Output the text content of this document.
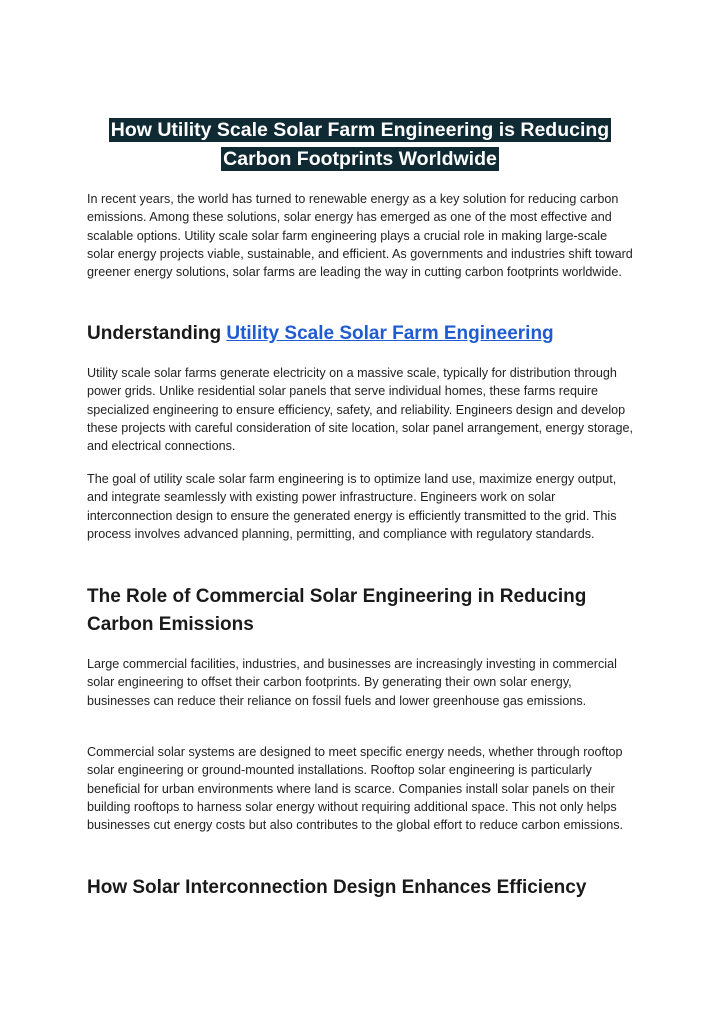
How Utility Scale Solar Farm Engineering is Reducing
Carbon Footprints Worldwide

In recent years, the world has turned to renewable energy as a key solution for reducing carbon emissions. Among these solutions, solar energy has emerged as one of the most effective and scalable options. Utility scale solar farm engineering plays a crucial role in making large-scale solar energy projects viable, sustainable, and efficient. As governments and industries shift toward greener energy solutions, solar farms are leading the way in cutting carbon footprints worldwide.

Understanding Utility Scale Solar Farm Engineering

Utility scale solar farms generate electricity on a massive scale, typically for distribution through power grids. Unlike residential solar panels that serve individual homes, these farms require specialized engineering to ensure efficiency, safety, and reliability. Engineers design and develop these projects with careful consideration of site location, solar panel arrangement, energy storage, and electrical connections.

The goal of utility scale solar farm engineering is to optimize land use, maximize energy output, and integrate seamlessly with existing power infrastructure. Engineers work on solar interconnection design to ensure the generated energy is efficiently transmitted to the grid. This process involves advanced planning, permitting, and compliance with regulatory standards.

The Role of Commercial Solar Engineering in Reducing Carbon Emissions

Large commercial facilities, industries, and businesses are increasingly investing in commercial solar engineering to offset their carbon footprints. By generating their own solar energy, businesses can reduce their reliance on fossil fuels and lower greenhouse gas emissions.

Commercial solar systems are designed to meet specific energy needs, whether through rooftop solar engineering or ground-mounted installations. Rooftop solar engineering is particularly beneficial for urban environments where land is scarce. Companies install solar panels on their building rooftops to harness solar energy without requiring additional space. This not only helps businesses cut energy costs but also contributes to the global effort to reduce carbon emissions.

How Solar Interconnection Design Enhances Efficiency
